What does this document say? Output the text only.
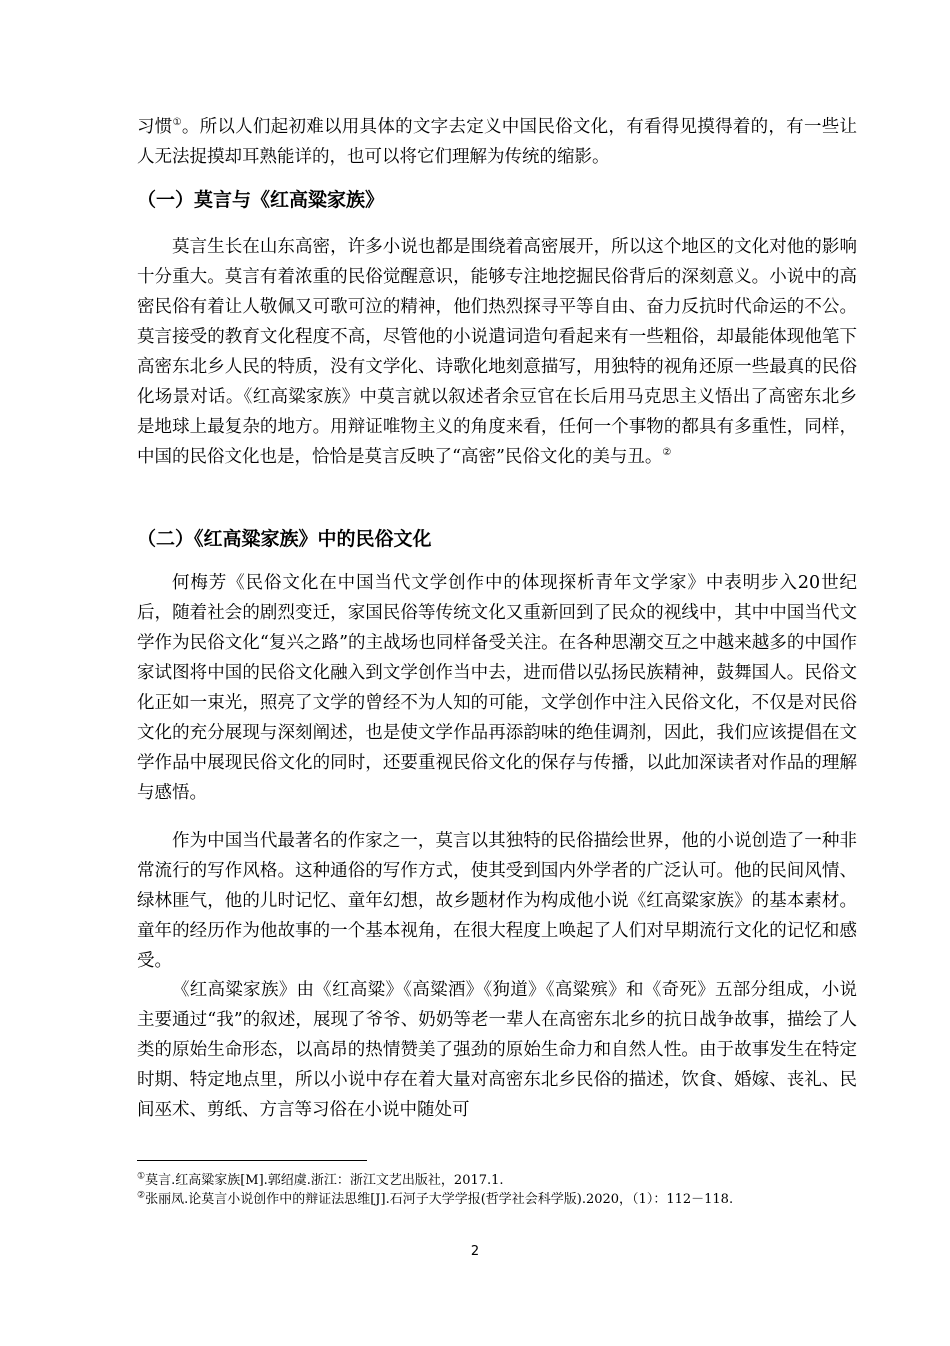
习惯①。所以人们起初难以用具体的文字去定义中国民俗文化，有看得见摸得着的，有一些让人无法捉摸却耳熟能详的，也可以将它们理解为传统的缩影。

（一）莫言与《红高粱家族》

莫言生长在山东高密，许多小说也都是围绕着高密展开，所以这个地区的文化对他的影响十分重大。莫言有着浓重的民俗觉醒意识，能够专注地挖掘民俗背后的深刻意义。小说中的高密民俗有着让人敬佩又可歌可泣的精神，他们热烈探寻平等自由、奋力反抗时代命运的不公。莫言接受的教育文化程度不高，尽管他的小说遣词造句看起来有一些粗俗，却最能体现他笔下高密东北乡人民的特质，没有文学化、诗歌化地刻意描写，用独特的视角还原一些最真的民俗化场景对话。《红高粱家族》中莫言就以叙述者余豆官在长后用马克思主义悟出了高密东北乡是地球上最复杂的地方。用辩证唯物主义的角度来看，任何一个事物的都具有多重性，同样，中国的民俗文化也是，恰恰是莫言反映了“高密”民俗文化的美与丑。②

（二）《红高粱家族》中的民俗文化

何梅芳《民俗文化在中国当代文学创作中的体现探析青年文学家》中表明步入20世纪后，随着社会的剧烈变迁，家国民俗等传统文化又重新回到了民众的视线中，其中中国当代文学作为民俗文化“复兴之路”的主战场也同样备受关注。在各种思潮交互之中越来越多的中国作家试图将中国的民俗文化融入到文学创作当中去，进而借以弘扬民族精神，鼓舞国人。民俗文化正如一束光，照亮了文学的曾经不为人知的可能，文学创作中注入民俗文化，不仅是对民俗文化的充分展现与深刻阐述，也是使文学作品再添韵味的绝佳调剂，因此，我们应该提倡在文学作品中展现民俗文化的同时，还要重视民俗文化的保存与传播，以此加深读者对作品的理解与感悟。

作为中国当代最著名的作家之一，莫言以其独特的民俗描绘世界，他的小说创造了一种非常流行的写作风格。这种通俗的写作方式，使其受到国内外学者的广泛认可。他的民间风情、绿林匪气，他的儿时记忆、童年幻想，故乡题材作为构成他小说《红高粱家族》的基本素材。童年的经历作为他故事的一个基本视角，在很大程度上唤起了人们对早期流行文化的记忆和感受。

《红高粱家族》由《红高粱》《高粱酒》《狗道》《高粱殡》和《奇死》五部分组成，小说主要通过“我”的叙述，展现了爷爷、奶奶等老一辈人在高密东北乡的抗日战争故事，描绘了人类的原始生命形态，以高昂的热情赞美了强劲的原始生命力和自然人性。由于故事发生在特定时期、特定地点里，所以小说中存在着大量对高密东北乡民俗的描述，饮食、婚嫁、丧礼、民间巫术、剪纸、方言等习俗在小说中随处可

①莫言.红高粱家族[M].郭绍虞.浙江：浙江文艺出版社，2017.1.

②张丽凤.论莫言小说创作中的辩证法思维[J].石河子大学学报(哲学社会科学版).2020，（1）：112－118.

2
